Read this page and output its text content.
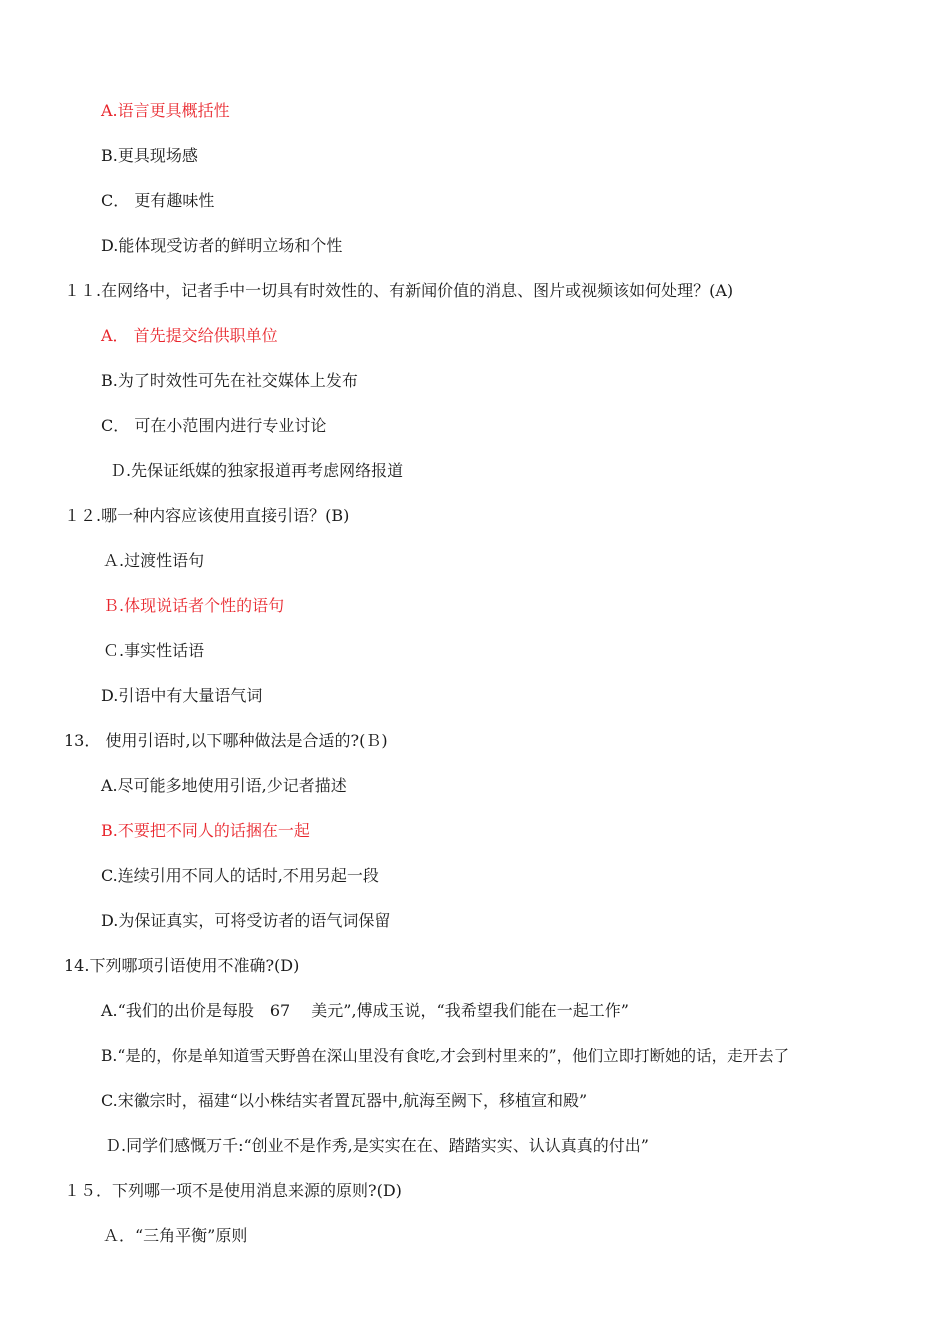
A.语言更具概括性
B.更具现场感
C． 更有趣味性
D.能体现受访者的鲜明立场和个性
１１.在网络中，记者手中一切具有时效性的、有新闻价值的消息、图片或视频该如何处理？(A)
A． 首先提交给供职单位
B.为了时效性可先在社交媒体上发布
C． 可在小范围内进行专业讨论
Ｄ.先保证纸媒的独家报道再考虑网络报道
１２.哪一种内容应该使用直接引语？(B)
Ａ.过渡性语句
Ｂ.体现说话者个性的语句
Ｃ.事实性话语
D.引语中有大量语气词
13． 使用引语时,以下哪种做法是合适的?(Ｂ)
A.尽可能多地使用引语,少记者描述
B.不要把不同人的话捆在一起
C.连续引用不同人的话时,不用另起一段
D.为保证真实，可将受访者的语气词保留
14.下列哪项引语使用不准确?(D)
A.“我们的出价是每股　67　 美元”,傅成玉说，“我希望我们能在一起工作”
B.“是的，你是单知道雪天野兽在深山里没有食吃,才会到村里来的”，他们立即打断她的话，走开去了
C.宋徽宗时，福建“以小株结实者置瓦器中,航海至阙下，移植宣和殿”
Ｄ.同学们感慨万千:“创业不是作秀,是实实在在、踏踏实实、认认真真的付出”
１５．下列哪一项不是使用消息来源的原则?(D)
Ａ．“三角平衡”原则
